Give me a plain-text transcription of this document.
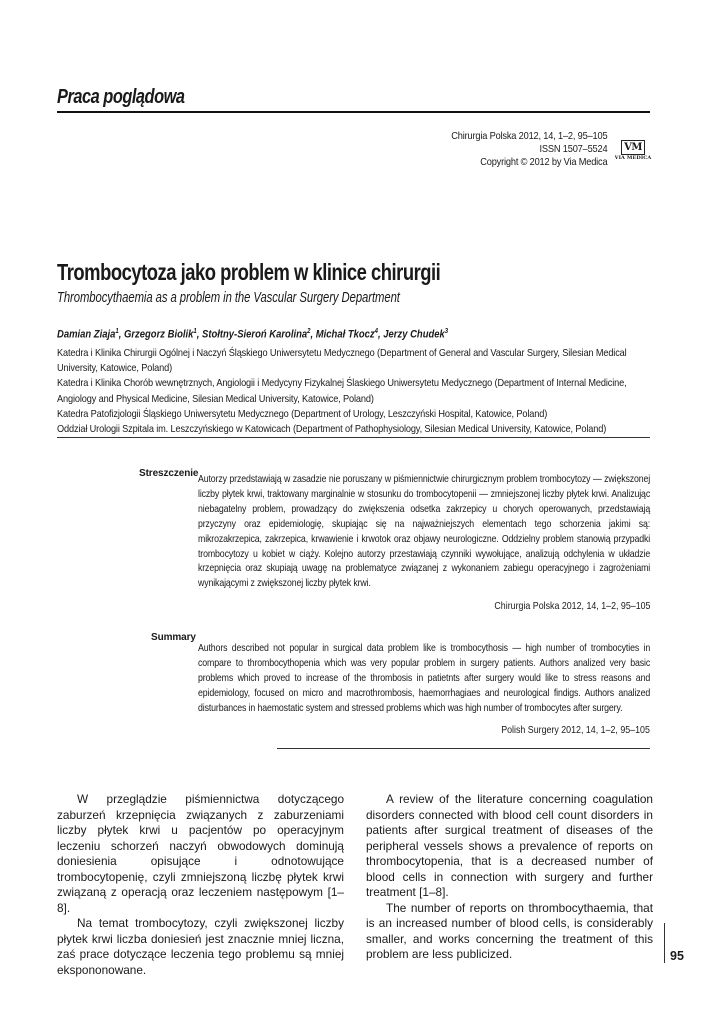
Praca poglądowa
Chirurgia Polska 2012, 14, 1–2, 95–105
ISSN 1507–5524
Copyright © 2012 by Via Medica
VM
VIA MEDICA
Trombocytoza jako problem w klinice chirurgii
Thrombocythaemia as a problem in the Vascular Surgery Department
Damian Ziaja$^1$, Grzegorz Biolik$^1$, Stołtny-Sieroń Karolina$^2$, Michał Tkocz$^4$, Jerzy Chudek$^3$
Katedra i Klinika Chirurgii Ogólnej i Naczyń Śląskiego Uniwersytetu Medycznego (Department of General and Vascular Surgery, Silesian Medical University, Katowice, Poland)
Katedra i Klinika Chorób wewnętrznych, Angiologii i Medycyny Fizykalnej Ślaskiego Uniwersytetu Medycznego (Department of Internal Medicine, Angiology and Physical Medicine, Silesian Medical University, Katowice, Poland)
Katedra Patofizjologii Śląskiego Uniwersytetu Medycznego (Department of Urology, Leszczyński Hospital, Katowice, Poland)
Oddział Urologii Szpitala im. Leszczyńskiego w Katowicach (Department of Pathophysiology, Silesian Medical University, Katowice, Poland)
Streszczenie
Autorzy przedstawiają w zasadzie nie poruszany w piśmiennictwie chirurgicznym problem trombocytozy — zwiększonej liczby płytek krwi, traktowany marginalnie w stosunku do trombocytopenii — zmniejszonej liczby płytek krwi. Analizując niebagatelny problem, prowadzący do zwiększenia odsetka zakrzepicy u chorych operowanych, przedstawiają przyczyny oraz epidemiologię, skupiając się na najważniejszych elementach tego schorzenia jakimi są: mikrozakrzepica, zakrzepica, krwawienie i krwotok oraz objawy neurologiczne. Oddzielny problem stanowią przypadki trombocytozy u kobiet w ciąży. Kolejno autorzy przestawiają czynniki wywołujące, analizują odchylenia w układzie krzepnięcia oraz skupiają uwagę na problematyce związanej z wykonaniem zabiegu operacyjnego i zagrożeniami wynikającymi z zwiększonej liczby płytek krwi.
Chirurgia Polska 2012, 14, 1–2, 95–105
Summary
Authors described not popular in surgical data problem like is trombocythosis — high number of trombocyties in compare to thrombocythopenia which was very popular problem in surgery patients. Authors analized very basic problems which proved to increase of the thrombosis in patietnts after surgery would like to stress reasons and epidemiology, focused on micro and macrothrombosis, haemorrhagiaes and neurological findigs. Authors analized disturbances in haemostatic system and stressed problems which was high number of trombocytes after surgery.
Polish Surgery 2012, 14, 1–2, 95–105

W przeglądzie piśmiennictwa dotyczącego zaburzeń krzepnięcia związanych z zaburzeniami liczby płytek krwi u pacjentów po operacyjnym leczeniu schorzeń naczyń obwodowych dominują doniesienia opisujące i odnotowujące trombocytopenię, czyli zmniejszoną liczbę płytek krwi związaną z operacją oraz leczeniem następowym [1–8].

Na temat trombocytozy, czyli zwiększonej liczby płytek krwi liczba doniesień jest znacznie mniej liczna, zaś prace dotyczące leczenia tego problemu są mniej ekspononowane.

A review of the literature concerning coagulation disorders connected with blood cell count disorders in patients after surgical treatment of diseases of the peripheral vessels shows a prevalence of reports on thrombocytopenia, that is a decreased number of blood cells in connection with surgery and further treatment [1–8].

The number of reports on thrombocythaemia, that is an increased number of blood cells, is considerably smaller, and works concerning the treatment of this problem are less publicized.	95
